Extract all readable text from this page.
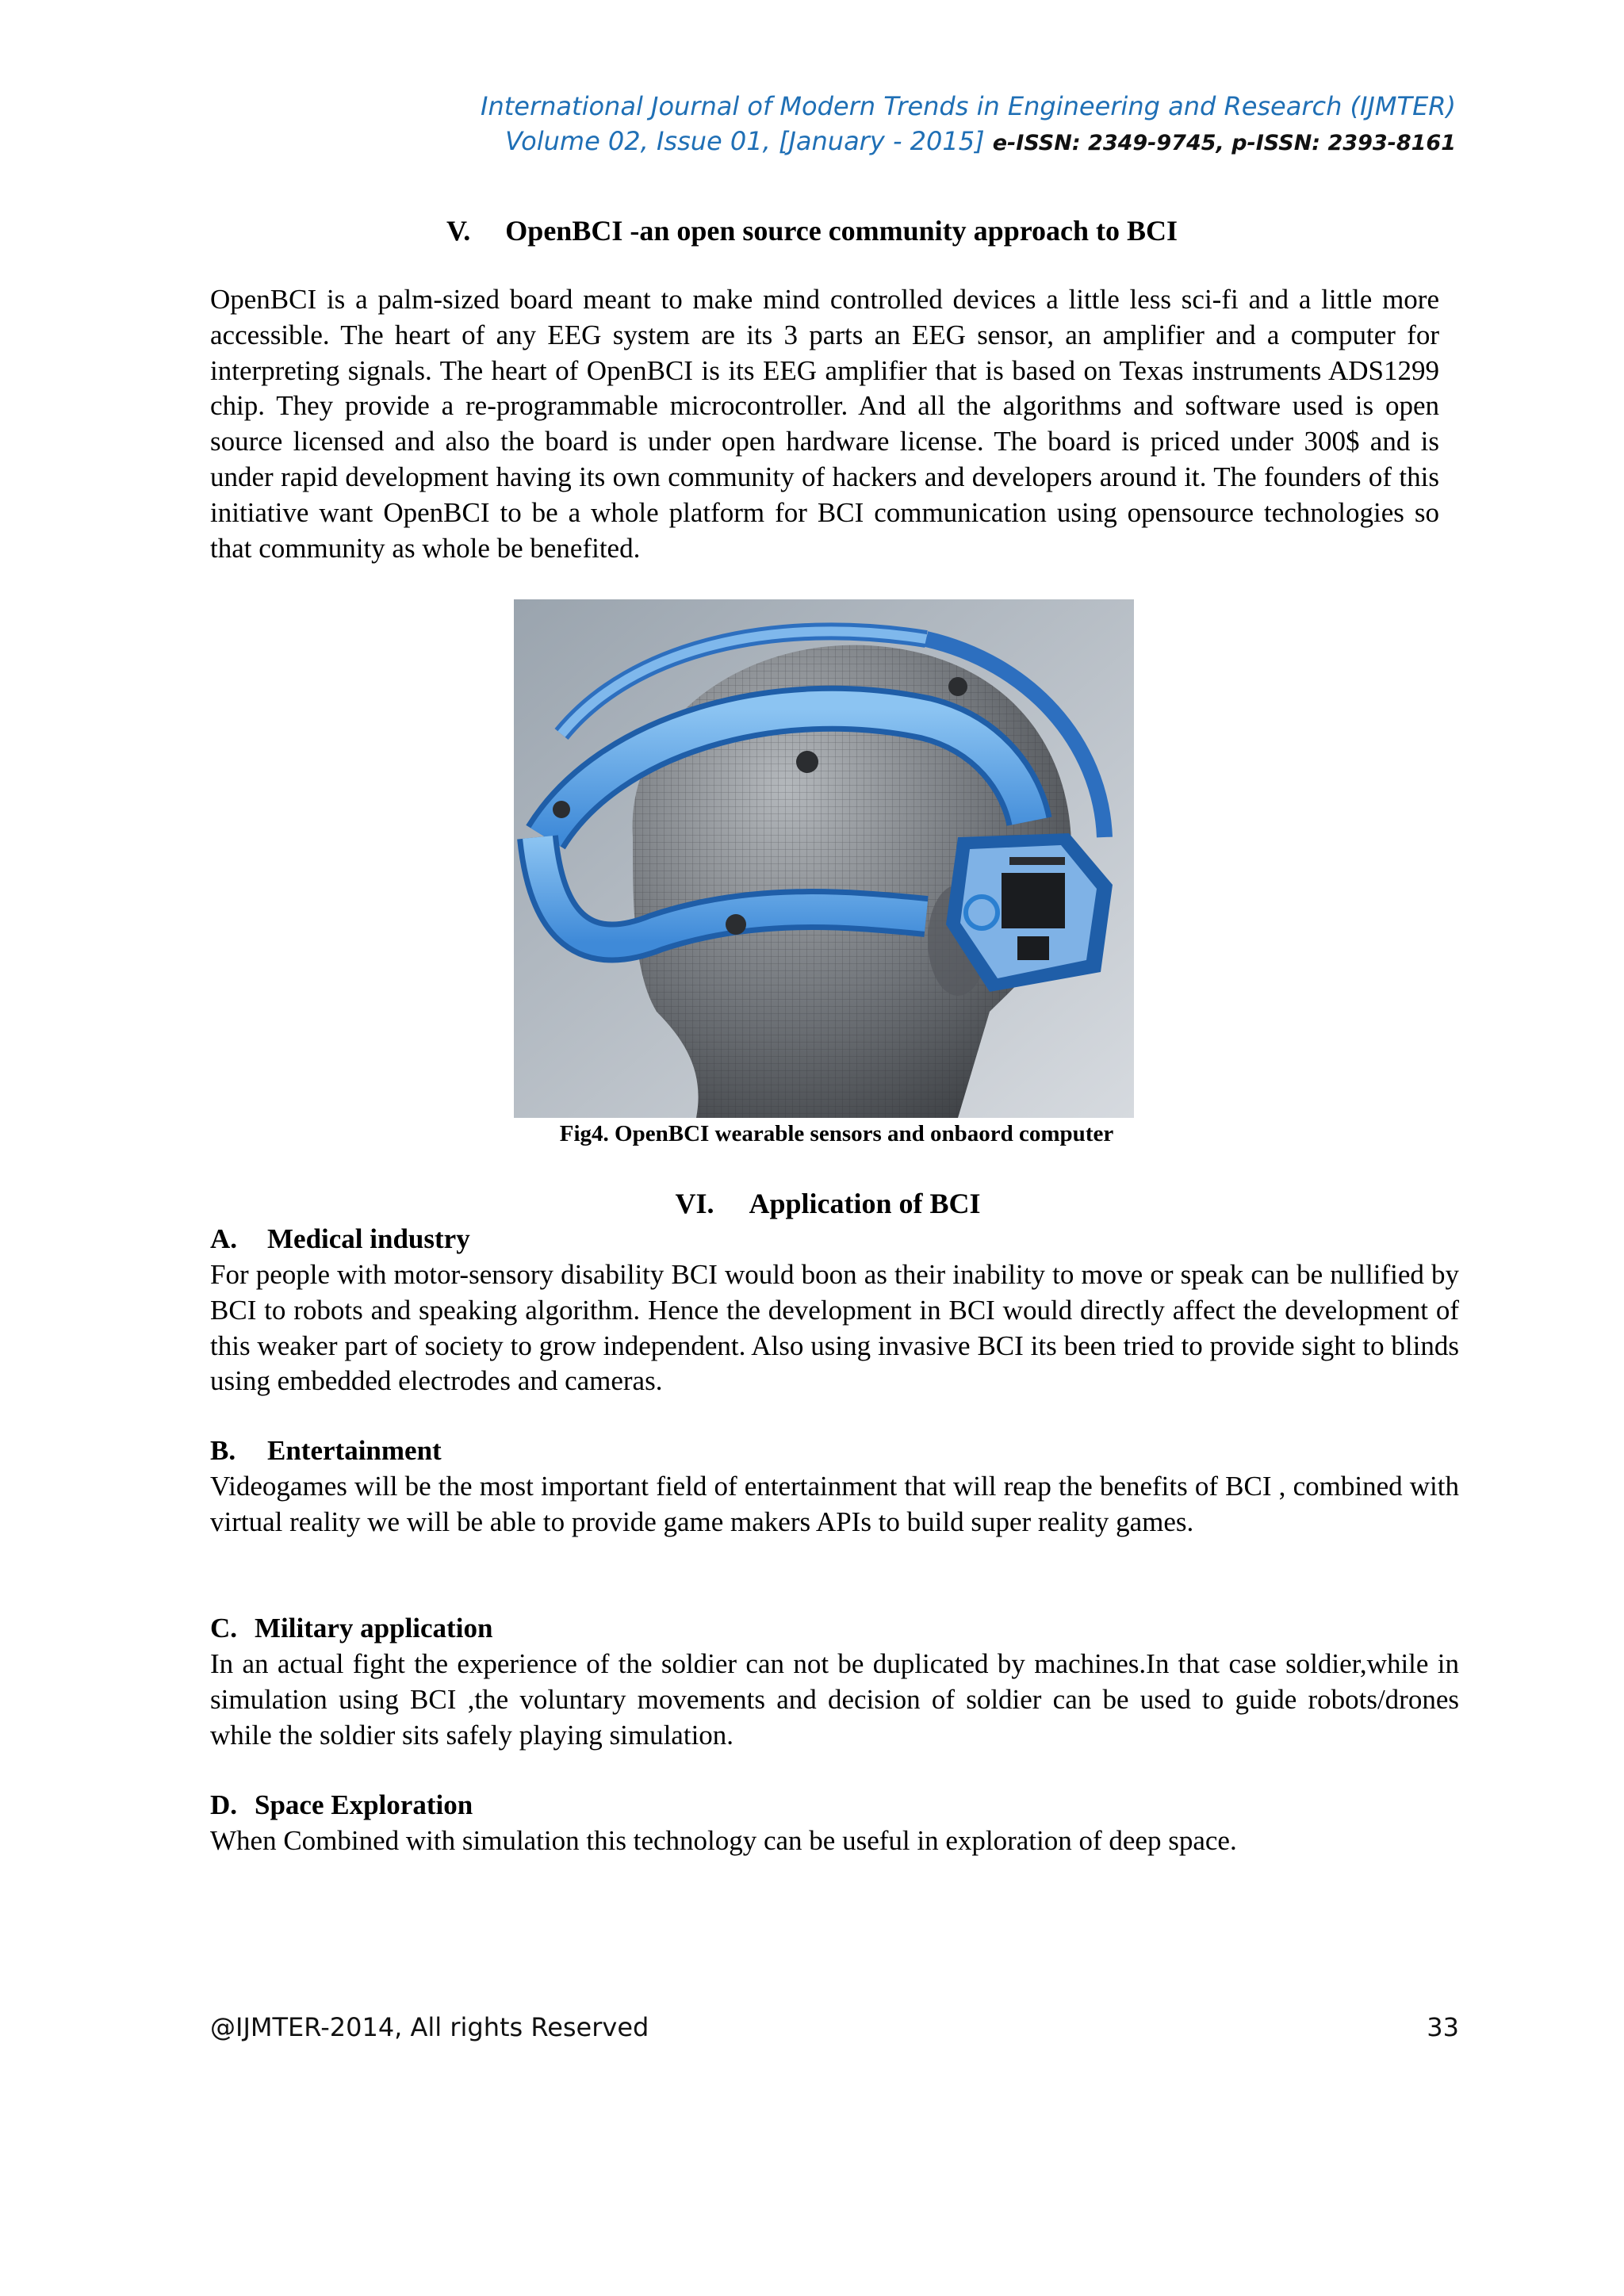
International Journal of Modern Trends in Engineering and Research (IJMTER)
Volume 02, Issue 01, [January - 2015] e-ISSN: 2349-9745, p-ISSN: 2393-8161
V. OpenBCI -an open source community approach to BCI
OpenBCI is a palm-sized board meant to make mind controlled devices a little less sci-fi and a little more accessible. The heart of any EEG system are its 3 parts an EEG sensor, an amplifier and a computer for interpreting signals. The heart of OpenBCI is its EEG amplifier that is based on Texas instruments ADS1299 chip. They provide a re-programmable microcontroller. And all the algorithms and software used is open source licensed and also the board is under open hardware license. The board is priced under 300$ and is under rapid development having its own community of hackers and developers around it. The founders of this initiative want OpenBCI to be a whole platform for BCI communication using opensource technologies so that community as whole be benefited.
Fig4. OpenBCI wearable sensors and onbaord computer
VI. Application of BCI
A. Medical industry
For people with motor-sensory disability BCI would boon as their inability to move or speak can be nullified by BCI to robots and speaking algorithm. Hence the development in BCI would directly affect the development of this weaker part of society to grow independent. Also using invasive BCI its been tried to provide sight to blinds using embedded electrodes and cameras.
B. Entertainment
Videogames will be the most important field of entertainment that will reap the benefits of BCI , combined with virtual reality we will be able to provide game makers APIs to build super reality games.
C. Military application
In an actual fight the experience of the soldier can not be duplicated by machines.In that case soldier,while in simulation using BCI ,the voluntary movements and decision of soldier can be used to guide robots/drones while the soldier sits safely playing simulation.
D. Space Exploration
When Combined with simulation this technology can be useful in exploration of deep space.
@IJMTER-2014, All rights Reserved	33
